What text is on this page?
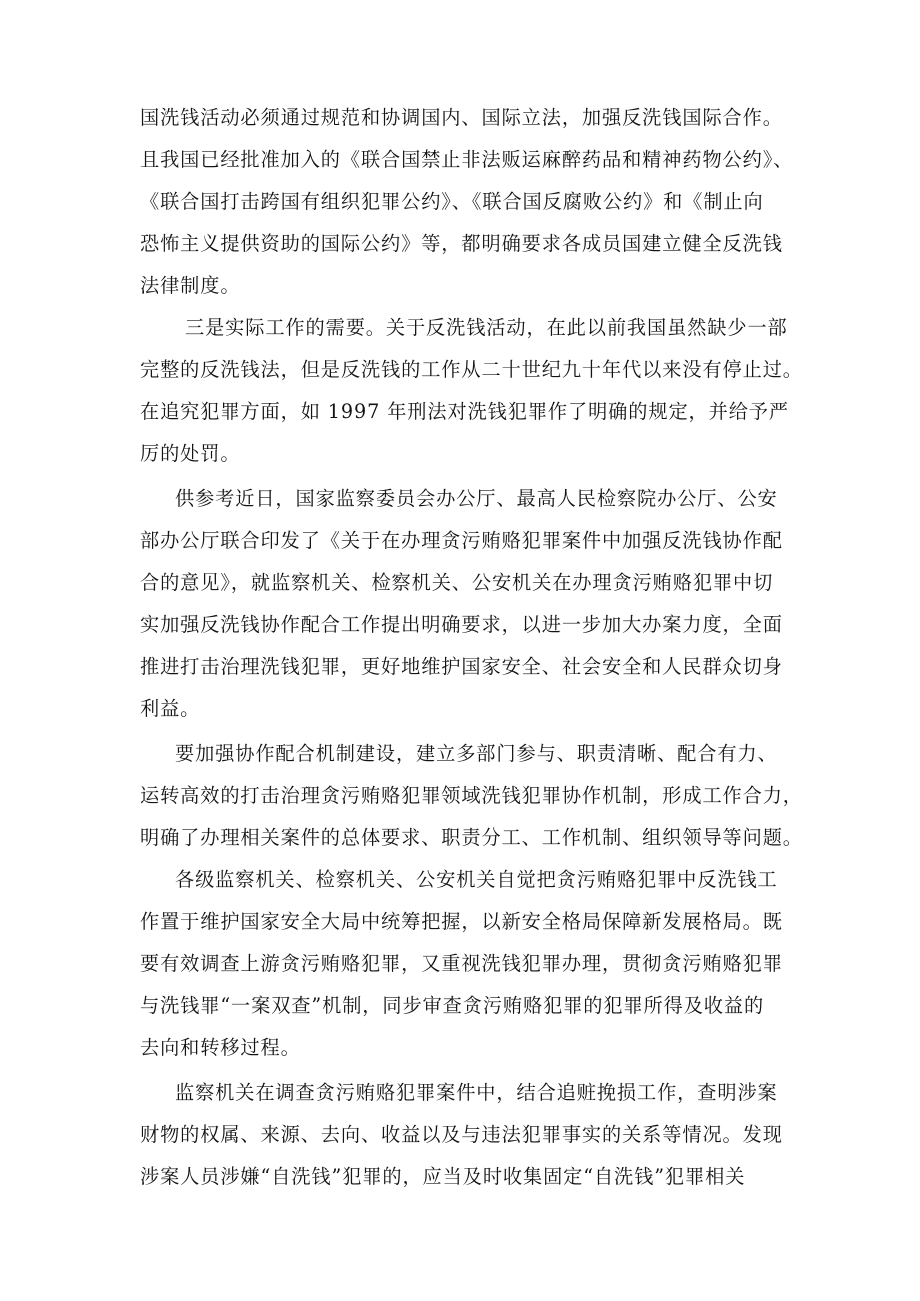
国洗钱活动必须通过规范和协调国内、国际立法，加强反洗钱国际合作。
且我国已经批准加入的《联合国禁止非法贩运麻醉药品和精神药物公约》、
《联合国打击跨国有组织犯罪公约》、《联合国反腐败公约》和《制止向
恐怖主义提供资助的国际公约》等，都明确要求各成员国建立健全反洗钱
法律制度。
三是实际工作的需要。关于反洗钱活动，在此以前我国虽然缺少一部
完整的反洗钱法，但是反洗钱的工作从二十世纪九十年代以来没有停止过。
在追究犯罪方面，如 1997 年刑法对洗钱犯罪作了明确的规定，并给予严
厉的处罚。
供参考近日，国家监察委员会办公厅、最高人民检察院办公厅、公安
部办公厅联合印发了《关于在办理贪污贿赂犯罪案件中加强反洗钱协作配
合的意见》，就监察机关、检察机关、公安机关在办理贪污贿赂犯罪中切
实加强反洗钱协作配合工作提出明确要求，以进一步加大办案力度，全面
推进打击治理洗钱犯罪，更好地维护国家安全、社会安全和人民群众切身
利益。
要加强协作配合机制建设，建立多部门参与、职责清晰、配合有力、
运转高效的打击治理贪污贿赂犯罪领域洗钱犯罪协作机制，形成工作合力，
明确了办理相关案件的总体要求、职责分工、工作机制、组织领导等问题。
各级监察机关、检察机关、公安机关自觉把贪污贿赂犯罪中反洗钱工
作置于维护国家安全大局中统筹把握，以新安全格局保障新发展格局。既
要有效调查上游贪污贿赂犯罪，又重视洗钱犯罪办理，贯彻贪污贿赂犯罪
与洗钱罪“一案双查”机制，同步审查贪污贿赂犯罪的犯罪所得及收益的
去向和转移过程。
监察机关在调查贪污贿赂犯罪案件中，结合追赃挽损工作，查明涉案
财物的权属、来源、去向、收益以及与违法犯罪事实的关系等情况。发现
涉案人员涉嫌“自洗钱”犯罪的，应当及时收集固定“自洗钱”犯罪相关
